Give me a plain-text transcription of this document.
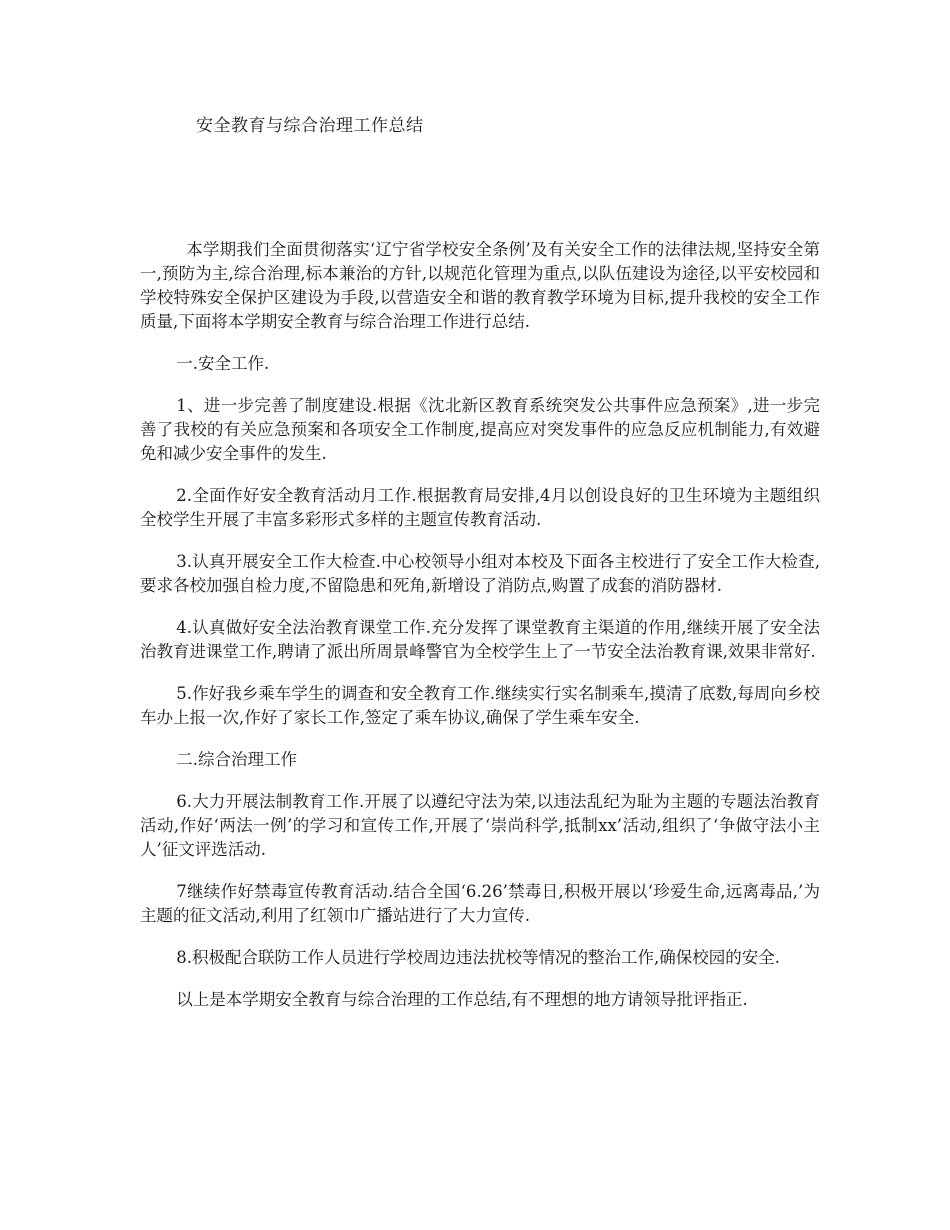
安全教育与综合治理工作总结

本学期我们全面贯彻落实‘辽宁省学校安全条例’及有关安全工作的法律法规,坚持安全第一,预防为主,综合治理,标本兼治的方针,以规范化管理为重点,以队伍建设为途径,以平安校园和学校特殊安全保护区建设为手段,以营造安全和谐的教育教学环境为目标,提升我校的安全工作质量,下面将本学期安全教育与综合治理工作进行总结.

一.安全工作.

1、进一步完善了制度建设.根据《沈北新区教育系统突发公共事件应急预案》,进一步完善了我校的有关应急预案和各项安全工作制度,提高应对突发事件的应急反应机制能力,有效避免和减少安全事件的发生.

2.全面作好安全教育活动月工作.根据教育局安排,4月以创设良好的卫生环境为主题组织全校学生开展了丰富多彩形式多样的主题宣传教育活动.

3.认真开展安全工作大检查.中心校领导小组对本校及下面各主校进行了安全工作大检查,要求各校加强自检力度,不留隐患和死角,新增设了消防点,购置了成套的消防器材.

4.认真做好安全法治教育课堂工作.充分发挥了课堂教育主渠道的作用,继续开展了安全法治教育进课堂工作,聘请了派出所周景峰警官为全校学生上了一节安全法治教育课,效果非常好.

5.作好我乡乘车学生的调查和安全教育工作.继续实行实名制乘车,摸清了底数,每周向乡校车办上报一次,作好了家长工作,签定了乘车协议,确保了学生乘车安全.

二.综合治理工作

6.大力开展法制教育工作.开展了以遵纪守法为荣,以违法乱纪为耻为主题的专题法治教育活动,作好‘两法一例’的学习和宣传工作,开展了‘崇尚科学,抵制xx’活动,组织了‘争做守法小主人’征文评选活动.

7继续作好禁毒宣传教育活动.结合全国‘6.26’禁毒日,积极开展以‘珍爱生命,远离毒品,’为主题的征文活动,利用了红领巾广播站进行了大力宣传.

8.积极配合联防工作人员进行学校周边违法扰校等情况的整治工作,确保校园的安全.

以上是本学期安全教育与综合治理的工作总结,有不理想的地方请领导批评指正.
